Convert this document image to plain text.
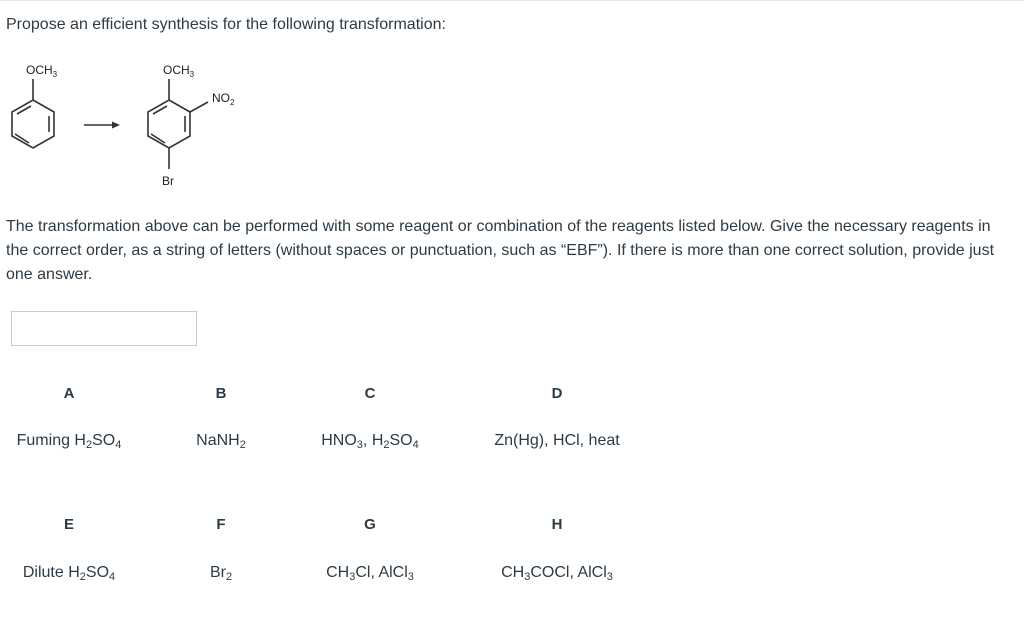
Propose an efficient synthesis for the following transformation:

$OCH_3$	$OCH_3$
$NO_2$
Br

The transformation above can be performed with some reagent or combination of the reagents listed below. Give the necessary reagents in the correct order, as a string of letters (without spaces or punctuation, such as “EBF”). If there is more than one correct solution, provide just one answer.

A
Fuming $H_2SO_4$
B
NaNH$_2$
C
$HNO_3$, $H_2SO_4$
D
Zn(Hg), HCl, heat
E
Dilute $H_2SO_4$
F
$Br_2$
G
$CH_3Cl$, AlCl$_3$
H
$CH_3COCl$, AlCl$_3$
